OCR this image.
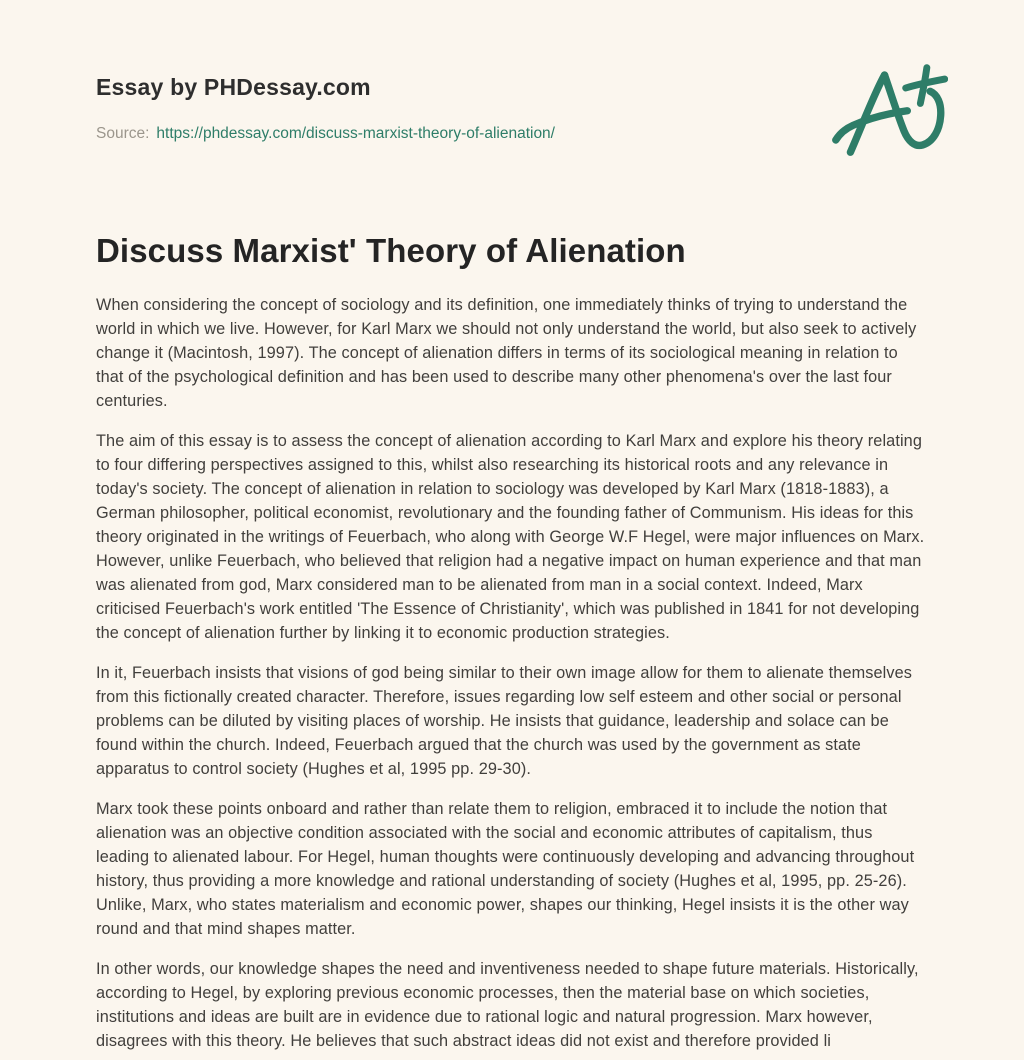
Essay by PHDessay.com
Source: https://phdessay.com/discuss-marxist-theory-of-alienation/
Discuss Marxist' Theory of Alienation

When considering the concept of sociology and its definition, one immediately thinks of trying to understand the world in which we live. However, for Karl Marx we should not only understand the world, but also seek to actively change it (Macintosh, 1997). The concept of alienation differs in terms of its sociological meaning in relation to that of the psychological definition and has been used to describe many other phenomena's over the last four centuries.

The aim of this essay is to assess the concept of alienation according to Karl Marx and explore his theory relating to four differing perspectives assigned to this, whilst also researching its historical roots and any relevance in today's society. The concept of alienation in relation to sociology was developed by Karl Marx (1818-1883), a German philosopher, political economist, revolutionary and the founding father of Communism. His ideas for this theory originated in the writings of Feuerbach, who along with George W.F Hegel, were major influences on Marx. However, unlike Feuerbach, who believed that religion had a negative impact on human experience and that man was alienated from god, Marx considered man to be alienated from man in a social context. Indeed, Marx criticised Feuerbach's work entitled 'The Essence of Christianity', which was published in 1841 for not developing the concept of alienation further by linking it to economic production strategies.

In it, Feuerbach insists that visions of god being similar to their own image allow for them to alienate themselves from this fictionally created character. Therefore, issues regarding low self esteem and other social or personal problems can be diluted by visiting places of worship. He insists that guidance, leadership and solace can be found within the church. Indeed, Feuerbach argued that the church was used by the government as state apparatus to control society (Hughes et al, 1995 pp. 29-30).

Marx took these points onboard and rather than relate them to religion, embraced it to include the notion that alienation was an objective condition associated with the social and economic attributes of capitalism, thus leading to alienated labour. For Hegel, human thoughts were continuously developing and advancing throughout history, thus providing a more knowledge and rational understanding of society (Hughes et al, 1995, pp. 25-26). Unlike, Marx, who states materialism and economic power, shapes our thinking, Hegel insists it is the other way round and that mind shapes matter.

In other words, our knowledge shapes the need and inventiveness needed to shape future materials. Historically, according to Hegel, by exploring previous economic processes, then the material base on which societies, institutions and ideas are built are in evidence due to rational logic and natural progression. Marx however, disagrees with this theory. He believes that such abstract ideas did not exist and therefore provided li
